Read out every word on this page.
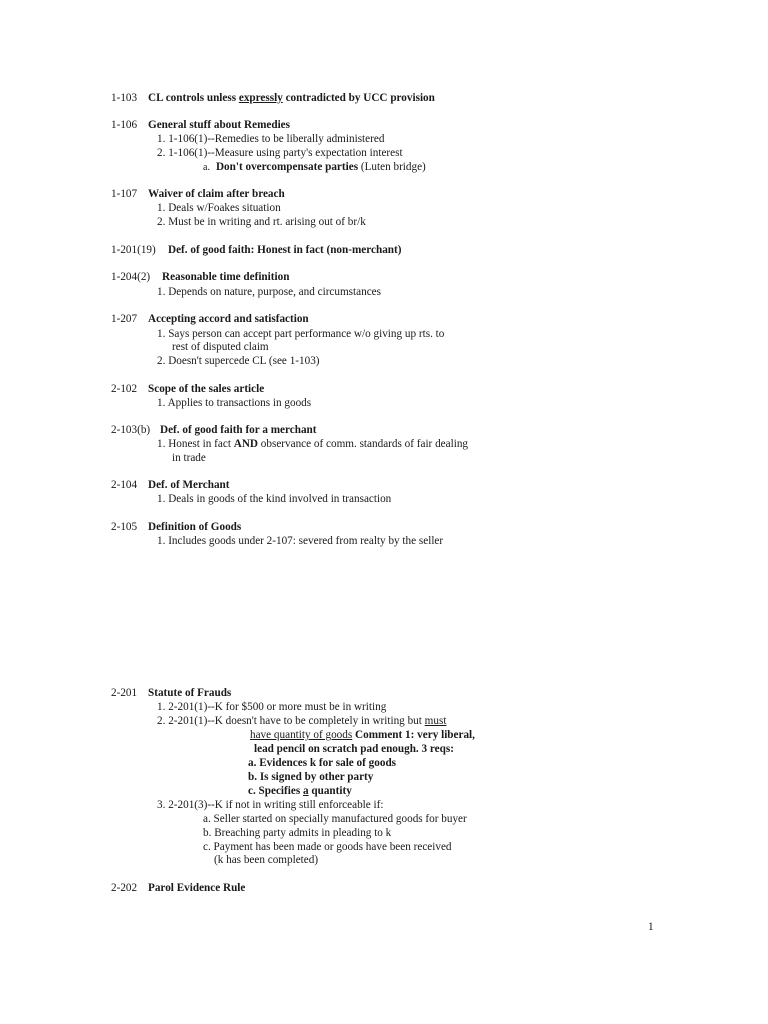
1-103 CL controls unless expressly contradicted by UCC provision
1-106 General stuff about Remedies
1. 1-106(1)--Remedies to be liberally administered
2. 1-106(1)--Measure using party's expectation interest
a. Don't overcompensate parties (Luten bridge)
1-107 Waiver of claim after breach
1. Deals w/Foakes situation
2. Must be in writing and rt. arising out of br/k
1-201(19) Def. of good faith: Honest in fact (non-merchant)
1-204(2) Reasonable time definition
1. Depends on nature, purpose, and circumstances
1-207 Accepting accord and satisfaction
1. Says person can accept part performance w/o giving up rts. to
rest of disputed claim
2. Doesn't supercede CL (see 1-103)
2-102 Scope of the sales article
1. Applies to transactions in goods
2-103(b) Def. of good faith for a merchant
1. Honest in fact AND observance of comm. standards of fair dealing
in trade
2-104 Def. of Merchant
1. Deals in goods of the kind involved in transaction
2-105 Definition of Goods
1. Includes goods under 2-107: severed from realty by the seller
2-201 Statute of Frauds
1. 2-201(1)--K for $500 or more must be in writing
2. 2-201(1)--K doesn't have to be completely in writing but must
have quantity of goods Comment 1: very liberal,
lead pencil on scratch pad enough. 3 reqs:
a. Evidences k for sale of goods
b. Is signed by other party
c. Specifies a quantity
3. 2-201(3)--K if not in writing still enforceable if:
a. Seller started on specially manufactured goods for buyer
b. Breaching party admits in pleading to k
c. Payment has been made or goods have been received
(k has been completed)
2-202 Parol Evidence Rule
1
